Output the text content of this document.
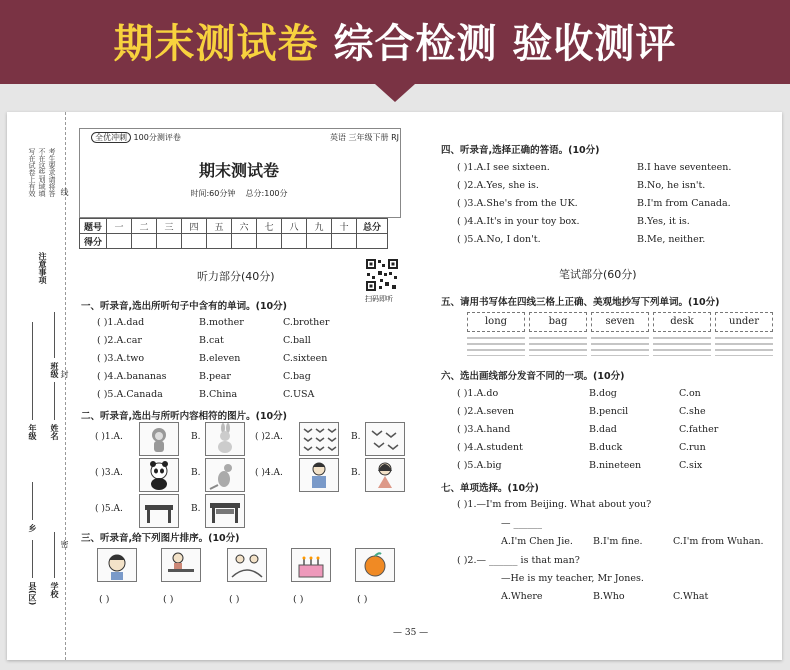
期末测试卷 综合检测 验收测评
考生要求请将答
不在这些划域填
写在试卷上有效
注意事项
线
班级
姓名
年级
封
乡
学校
县(区)
密
全优冲刺 100分测评卷	英语 三年级下册 RJ
期末测试卷
时间:60分钟 总分:100分
题号	一	二	三	四	五	六	七	八	九	十	总分
得分											
听力部分(40分)
扫码即听
一、听录音,选出所听句子中含有的单词。(10分)
( )1.A.dad	B.mother	C.brother
( )2.A.car	B.cat	C.ball
( )3.A.two	B.eleven	C.sixteen
( )4.A.bananas	B.pear	C.bag
( )5.A.Canada	B.China	C.USA
二、听录音,选出与所听内容相符的图片。(10分)
( )1.A.	B.	( )2.A.	B.
( )3.A.	B.	( )4.A.	B.
( )5.A.	B.
三、听录音,给下列图片排序。(10分)
( )	( )	( )	( )	( )
四、听录音,选择正确的答语。(10分)
( )1.A.I see sixteen.	B.I have seventeen.
( )2.A.Yes, she is.	B.No, he isn't.
( )3.A.She's from the UK.	B.I'm from Canada.
( )4.A.It's in your toy box.	B.Yes, it is.
( )5.A.No, I don't.	B.Me, neither.
笔试部分(60分)
五、请用书写体在四线三格上正确、美观地抄写下列单词。(10分)
long	bag	seven	desk	under
六、选出画线部分发音不同的一项。(10分)
( )1.A.do	B.dog	C.on
( )2.A.seven	B.pencil	C.she
( )3.A.hand	B.dad	C.father
( )4.A.student	B.duck	C.run
( )5.A.big	B.nineteen	C.six
七、单项选择。(10分)
( )1.—I'm from Beijing. What about you?
— ______
A.I'm Chen Jie. B.I'm fine.	C.I'm from Wuhan.
( )2.— ______ is that man?
—He is my teacher, Mr Jones.
A.Where	B.Who	C.What
— 35 —
